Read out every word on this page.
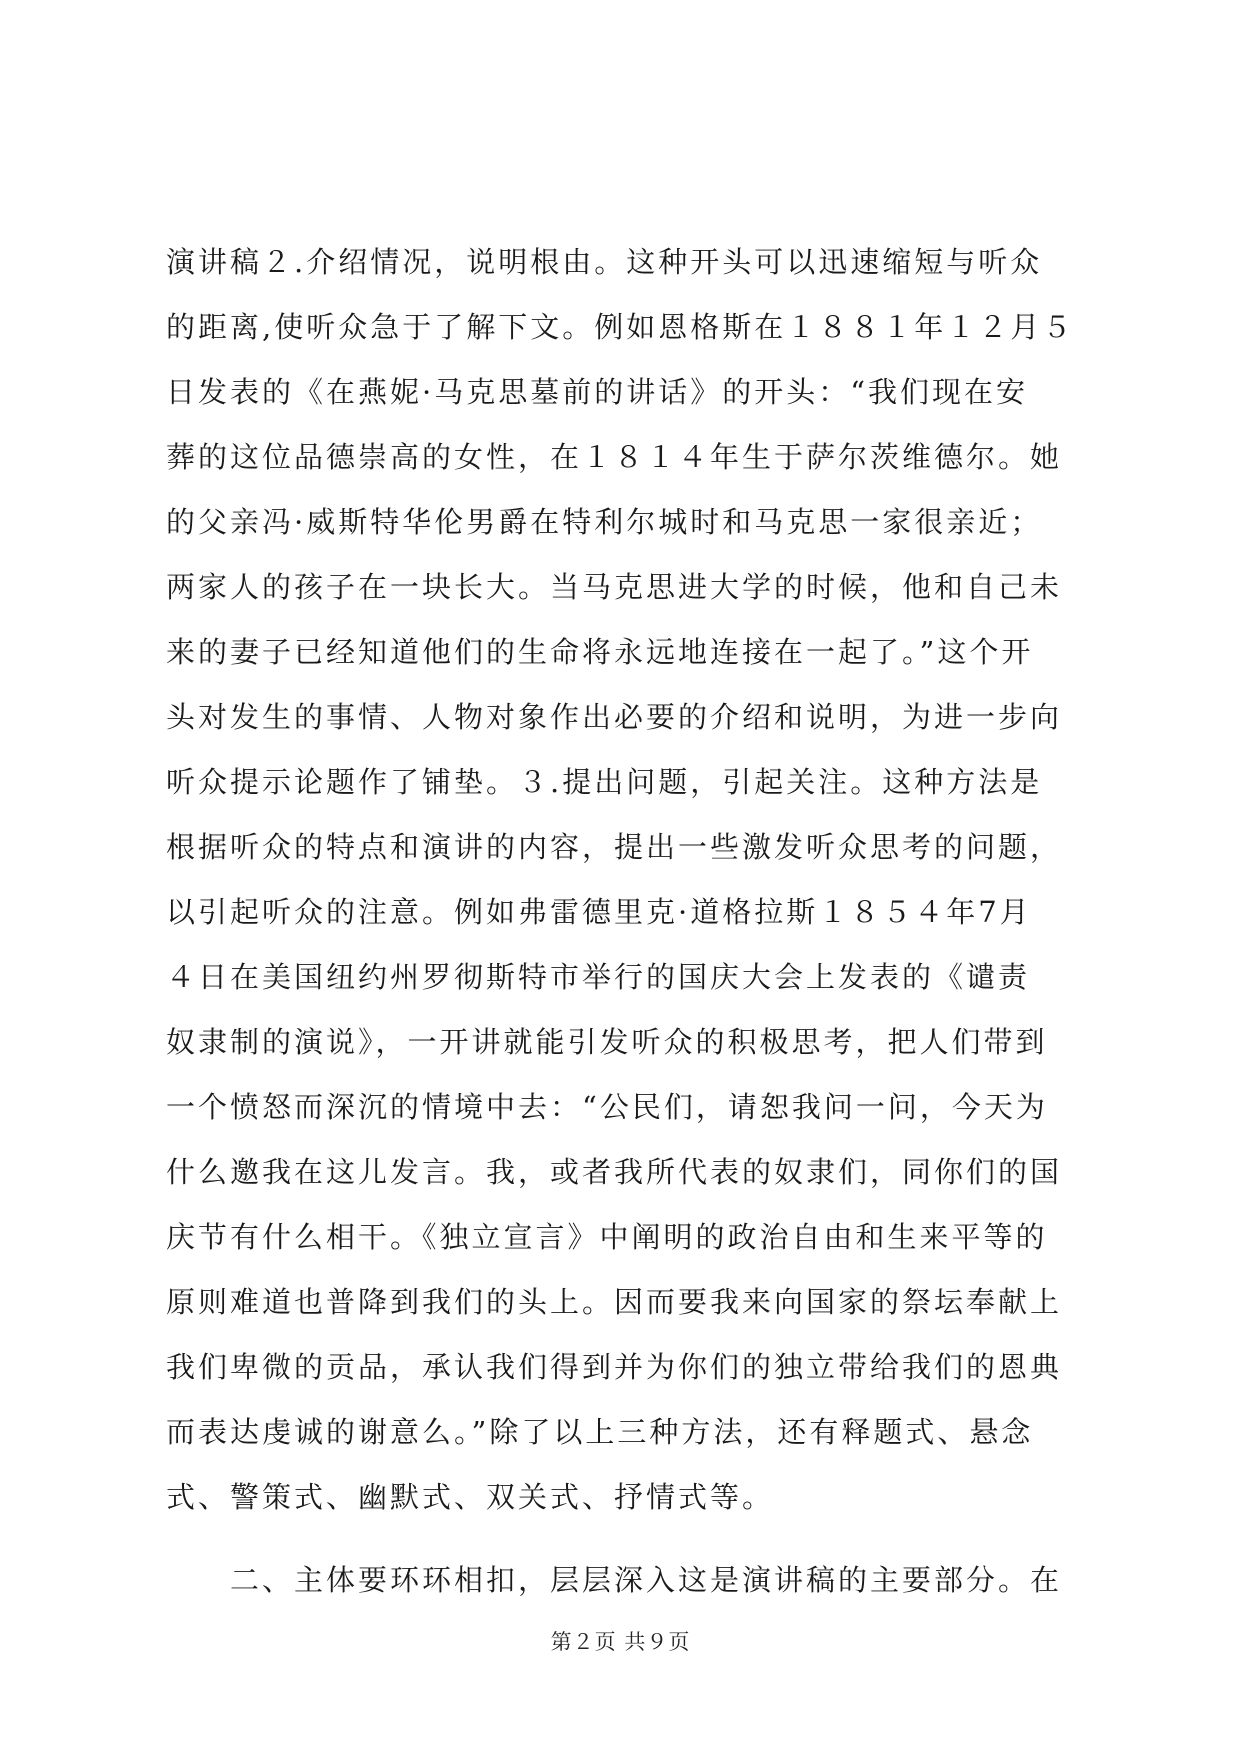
演讲稿２.介绍情况，说明根由。这种开头可以迅速缩短与听众
的距离,使听众急于了解下文。例如恩格斯在１８８１年１２月５
日发表的《在燕妮·马克思墓前的讲话》的开头：“我们现在安
葬的这位品德崇高的女性，在１８１４年生于萨尔茨维德尔。她
的父亲冯·威斯特华伦男爵在特利尔城时和马克思一家很亲近；
两家人的孩子在一块长大。当马克思进大学的时候，他和自己未
来的妻子已经知道他们的生命将永远地连接在一起了。”这个开
头对发生的事情、人物对象作出必要的介绍和说明，为进一步向
听众提示论题作了铺垫。３.提出问题，引起关注。这种方法是
根据听众的特点和演讲的内容，提出一些激发听众思考的问题，
以引起听众的注意。例如弗雷德里克·道格拉斯１８５４年7月
４日在美国纽约州罗彻斯特市举行的国庆大会上发表的《谴责
奴隶制的演说》，一开讲就能引发听众的积极思考，把人们带到
一个愤怒而深沉的情境中去：“公民们，请恕我问一问，今天为
什么邀我在这儿发言。我，或者我所代表的奴隶们，同你们的国
庆节有什么相干。《独立宣言》中阐明的政治自由和生来平等的
原则难道也普降到我们的头上。因而要我来向国家的祭坛奉献上
我们卑微的贡品，承认我们得到并为你们的独立带给我们的恩典
而表达虔诚的谢意么。”除了以上三种方法，还有释题式、悬念
式、警策式、幽默式、双关式、抒情式等。
二、主体要环环相扣，层层深入这是演讲稿的主要部分。在
第２页 共９页
